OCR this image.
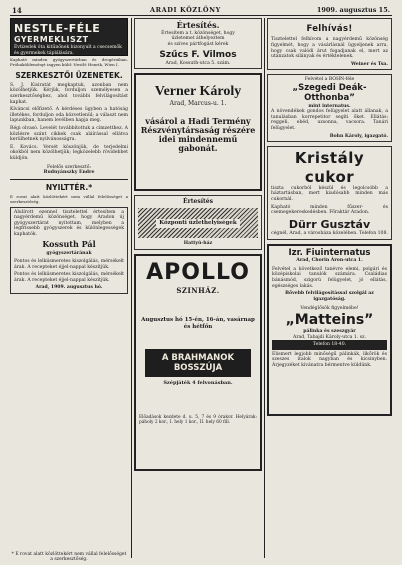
14	ARADI KÖZLÖNY	1909. augusztus 15.
NESTLE-FÉLE
GYERMEKLISZT
Évtizedek óta kitűnőnek bizonyult a csecsemők és gyermekek táplálására.
Kapható minden gyógyszertárban és drogériában. Próbaküldeményt ingyen küld: Nestlé Henrik, Wien I.
SZERKESZTŐI ÜZENETEK.

S. J. Kisiratát megkaptuk, azonban nem közölhetjük. Kérjük, forduljon személyesen a szerkesztőséghez, ahol további felvilágosítást kaphat.

Kíváncsi előfizető. A kérdéses ügyben a hatóság illetékes, forduljon oda közvetlenül; a választ nem lapunkban, hanem levélben kapja meg.

Régi olvasó. Levelét továbbítottuk a címzetthez. A közlésre szánt cikkek csak aláírással ellátva kerülhetnek nyilvánosságra.

E. Kovács. Versét köszönjük, de terjedelmi okokból nem közölhetjük; legközelebb rövidebbet küldjön.

Felelős szerkesztő:
Rudnyánszky Endre
NYILTTÉR.*
E rovat alatt közlöttekért nem vállal felelősséget a szerkesztőség.

Alulírott ezennel tisztelettel értesítem a nagyérdemű közönséget, hogy Aradon új gyógyszertárat nyitottam, melyben a legfrissebb gyógyszerek és különlegességek kaphatók.

Kossuth Pál
gyógyszertárának

Pontos és lelkiismeretes kiszolgálás, mérsékelt árak. A recepteket éjjel-nappal készítjük.

Pontos és lelkiismeretes kiszolgálás, mérsékelt árak. A recepteket éjjel-nappal készítjük.

Arad, 1909. augusztus hó.
* E rovat alatt közlöttekért nem vállal felelősséget a szerkesztőség.
Értesítés.
Értesítem a t. közönséget, hogy
üzletemet áthelyeztem
és szíves pártfogást kérek
Szűcs F. Vilmos
Arad, Kossuth-utca 5. szám.
Verner Károly
Arad, Marcus-u. 1.
vásárol a Hadi Termény Részvénytársaság részére idei mindennemű gabonát.
Értesítés
Központi üzlethelyiségek
Hattyú-ház
APOLLO
SZINHÁZ.
Augusztus hó 15-én, 16-án, vasárnap és hétfőn
A BRAHMANOK BOSSZÚJA
Szépjáték 4 felvonásban.
Előadások kezdete d. u. 5, 7 és 9 órakor. Helyárak: páholy 2 kor., I. hely 1 kor., II. hely 60 fill.
Felhívás!

Tisztelettel felhívom a nagyérdemű közönség figyelmét, hogy a vásárlásnál ügyeljenek arra, hogy csak valódi árut fogadjanak el, mert az utánzatok silányak és értéktelenek.

Weiner és Tsa.
Felvétel a BOHN-féle
„Szegedi Deák-Otthonba”
mint internatus.

A növendékek gondos felügyelet alatt állanak, a tanulásban korrepetitor segíti őket. Ellátás: reggeli, ebéd, uzsonna, vacsora. Tanári felügyelet.

Bohn Károly, igazgató.
Kristály cukor

tiszta cukorból készül és legolcsóbb a háztartásban, mert kiadósabb minden más cukornál.

Kapható minden fűszer- és csemegekereskedésben. Főraktár Aradon.

Dürr Gusztáv
cégnél, Arad, a városháza közelében. Telefon 108.
Izr. Fiuinternatus
Arad, Chorin Áron-utca 1.

Felvétel a következő tanévre elemi, polgári és középiskolai tanulók számára. Családias bánásmód, szigorú felügyelet, jó ellátás, egészséges lakás.

Bővebb felvilágosítással szolgál az igazgatóság.
Vendéglősök figyelmébe!
„Matteins”
pálinka és szeszgyár
Arad, Tabajdi Károly-utca 1. sz.
Telefon 18-40.

Elismert legjobb minőségű pálinkák, likőrök és szeszes italok nagyban és kicsinyben. Árjegyzéket kívánatra bérmentve küldünk.
